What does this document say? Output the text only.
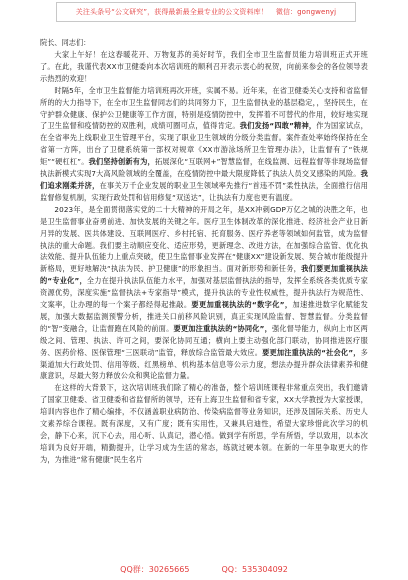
关注头条号“公文研究”，获得最新最全最专业的公文资料库！ 微信：gongwenyj

院长、同志们：

大家上午好！在这春暖花开、万物复苏的美好时节，我们全市卫生监督员能力培训班正式开班了。在此，我谨代表XX市卫健委向本次培训班的顺利召开表示衷心的祝贺，向前来参会的各位领导表示热烈的欢迎！

时隔5年，全市卫生监督能力培训班再次开班，实属不易。近年来，在省卫健委关心支持和省监督所的的大力指导下，在全市卫生监督同志们的共同努力下，卫生监督执业的基层稳定，，坚持民生，在守护群众健康、保护公卫健康等工作方面，特别是疫情防控中，发挥着不可替代的作用，较好地实现了卫生监督和疫情防控的双胜利，成绩可圈可点，值得肯定。我们发扬“四敢”精神，作为国家试点，在全省率先上线职业卫生管理平台，实现了职业卫生领域的分级分类监督。案件查处率始终保持在全省第一方阵，出台了卫健系统第一部权对规章《XX市游泳场所卫生管理办法》，让监督有了“铁规矩”“硬杠杠”。我们坚持创新有为，拓展深化“互联网+”智慧监督，在线监测、远程监督等非现场监督执法新模式实现7大高风险领域的全覆盖，在疫情防控中最大限度降低了执法人员交叉感染的风险。我们追求刚柔并济，在事关万千企业发展的职业卫生领域率先推行“首违不罚”柔性执法，全面推行信用监督修复机制，实现行政处罚和信用修复“双送达”，让执法有力度也更有温度。

2023年，是全面贯彻落实党的二十大精神的开局之年，是XX冲刺GDP万亿之城的决胜之年，也是卫生监督事业奋勇前进、加快发展的关键之年。医疗卫生体制改革的深化推进、经济社会产业日新月异的发展、医共体建设、互联网医疗、乡村托宿、托育服务、医疗养老等领域如何监管，成为监督执法的重大命题。我们要主动顺应变化、适应形势，更新理念、改进方法，在加强综合监管、优化执法效能、提升队伍能力上重点突破，使卫生监督事业发挥在“健康XX”建设新发展、契合城市能级提升新格局，更好地解决“执法为民、护卫健康”的形象担当。面对新形势和新任务，我们要更加重视执法的“专业化”，全力在提升执法队伍能力水平，加强对基层监督执法的指导，发挥全系统各类优质专家资源优势，深度实施“监督执法+专家指导”模式，提升执法的专业性权威性，提升执法行为规范性、文案率，让办理的每一个案子都经得起推敲。要更加重视执法的“数字化”，加速推进数字化赋能发展，加强大数据监测预警分析，推进关口前移风险识别，真正实现风险监督、智慧监督。分类监督的“智”变融合，让监督跑在风险的前面。要更加注重执法的“协同化”，强化督导能力，纵向上市区两级之间、管理、执法、许可之间，要深化协同互通；横向上要主动强化部门联动，协同推进医疗服务、医药价格、医保管理“三医联动”监管，释放综合监管最大效应。要更加注重执法的“社会化”，多渠道加大行政处罚、信用等级、红黑榜单、机构基本信息等公示力度，想法办提升群众法律素养和健康意识，尽最大努力释放公众和舆论监督力量。

在这样的大背景下，这次培训班我们除了精心的准备，整个培训班课程非常重点突出，我们邀请了国家卫健委、省卫健委和省监督所的领导，还有上海卫生监督和省专家，XX大学教授为大家授课，培训内容也作了精心编排，不仅涵盖职业病防治、传染病监督等业务知识，还涉及国际关系、历史人文素养综合课程。既有深度，又有广度；既有实用性，又兼具启迪性，希望大家珍惜此次学习的机会，静下心来，沉下心去，用心听、认真记，潜心悟。做到学有所思，学有所悟，学以致用，以本次培训为良好开端，精勤提升，让学习成为生活的常态，练就过硬本领。在新的一年里争取更大的作为，为推进“常有健康”民生名片

QQ群：30265665	QQ：535304092
